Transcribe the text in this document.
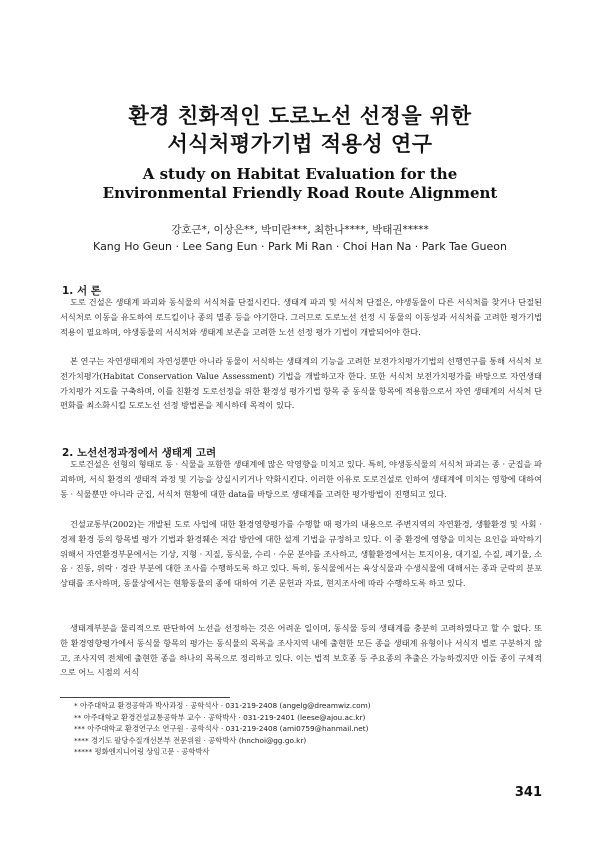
환경 친화적인 도로노선 선정을 위한
서식처평가기법 적용성 연구
A study on Habitat Evaluation for the
Environmental Friendly Road Route Alignment
강호근*, 이상은**, 박미란***, 최한나****, 박태권*****
Kang Ho Geun · Lee Sang Eun · Park Mi Ran · Choi Han Na · Park Tae Gueon
1. 서 론

도로 건설은 생태계 파괴와 동식물의 서식처를 단절시킨다. 생태계 파괴 및 서식처 단절은, 야생동물이 다른 서식처를 찾거나 단절된 서식처로 이동을 유도하여 로드킬이나 종의 멸종 등을 야기한다. 그러므로 도로노선 선정 시 동물의 이동성과 서식처를 고려한 평가기법 적용이 필요하며, 야생동물의 서식처와 생태계 보존을 고려한 노선 선정 평가 기법이 개발되어야 한다.

본 연구는 자연생태계의 자연성뿐만 아니라 동물이 서식하는 생태계의 기능을 고려한 보전가치평가기법의 선행연구를 통해 서식처 보전가치평가(Habitat Conservation Value Assessment) 기법을 개발하고자 한다. 또한 서식처 보전가치평가를 바탕으로 자연생태 가치평가 지도를 구축하며, 이를 친환경 도로선정을 위한 환경성 평가기법 항목 중 동식물 항목에 적용함으로서 자연 생태계의 서식처 단편화를 최소화시킬 도로노선 선정 방법론을 제시하데 목적이 있다.

2. 노선선정과정에서 생태계 고려

도로건설은 선형의 형태로 동 · 식물을 포함한 생태계에 많은 악영향을 미치고 있다. 특히, 야생동식물의 서식처 파괴는 종 · 군집을 파괴하며, 서식 환경의 생태적 과정 및 기능을 상실시키거나 약화시킨다. 이러한 이유로 도로건설로 인하여 생태계에 미치는 영향에 대하여 동 · 식물뿐만 아니라 군집, 서식처 현황에 대한 data를 바탕으로 생태계를 고려한 평가방법이 진행되고 있다.

건설교통부(2002)는 개발된 도로 사업에 대한 환경영향평가를 수행할 때 평가의 내용으로 주변지역의 자연환경, 생활환경 및 사회 · 경제 환경 등의 항목별 평가 기법과 환경훼손 저감 방안에 대한 설계 기법을 규정하고 있다. 이 중 환경에 영향을 미치는 요인을 파악하기 위해서 자연환경부문에서는 기상, 지형 · 지질, 동식물, 수리 · 수문 분야를 조사하고, 생활환경에서는 토지이용, 대기질, 수질, 폐기물, 소음 · 진동, 위락 · 경관 부분에 대한 조사를 수행하도록 하고 있다. 특히, 동식물에서는 육상식물과 수생식물에 대해서는 종과 군락의 분포상태를 조사하며, 동물상에서는 현황동물의 종에 대하여 기존 문헌과 자료, 현지조사에 따라 수행하도록 하고 있다.

생태계부분을 물리적으로 판단하여 노선을 선정하는 것은 어려운 일이며, 동식물 등의 생태계를 충분히 고려하였다고 할 수 없다. 또한 환경영향평가에서 동식물 항목의 평가는 동식물의 목록을 조사지역 내에 출현한 모든 종을 생태계 유형이나 서식지 별로 구분하지 않고, 조사지역 전체에 출현한 종을 하나의 목록으로 정리하고 있다. 이는 법적 보호종 등 주요종의 추출은 가능하겠지만 이들 종이 구체적으로 어느 시점의 서식

* 아주대학교 환경공학과 박사과정 · 공학석사 · 031-219-2408 (angelg@dreamwiz.com)
** 아주대학교 환경건설교통공학부 교수 · 공학박사 · 031-219-2401 (leese@ajou.ac.kr)
*** 아주대학교 환경연구소 연구원 · 공학석사 · 031-219-2408 (ami0759@hanmail.net)
**** 경기도 팔당수질개선본부 전문위원 · 공학박사 (hnchoi@gg.go.kr)
***** 평화엔지니어링 상임고문 · 공학박사
341
